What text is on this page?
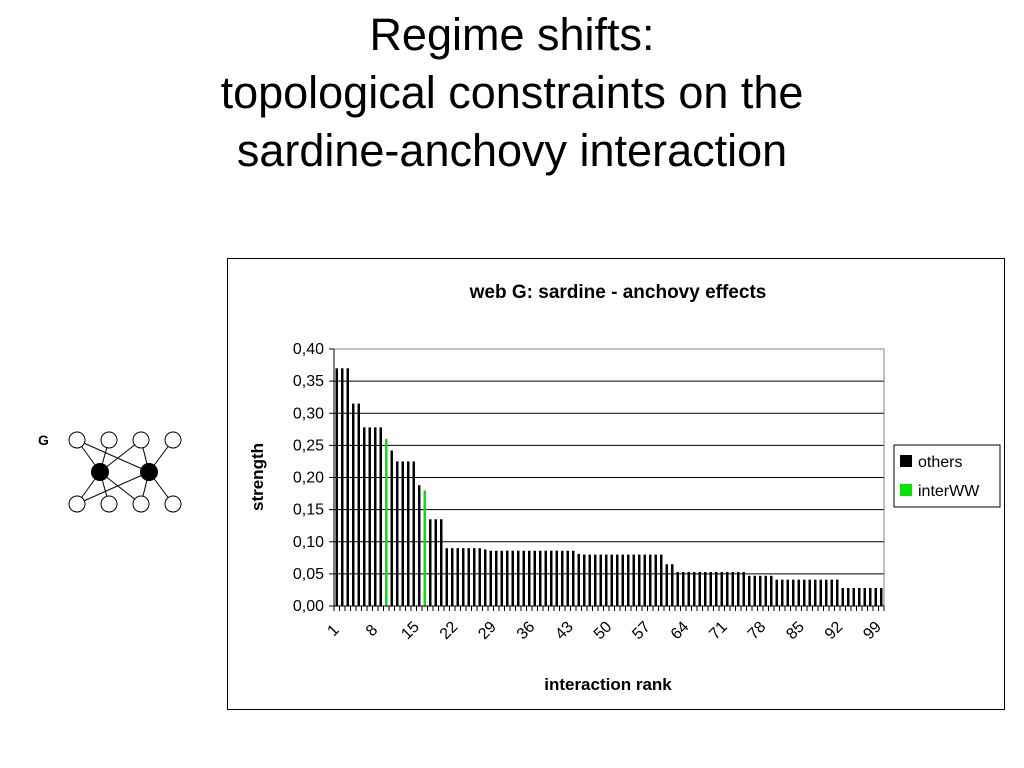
Regime shifts:
topological constraints on the
sardine-anchovy interaction
G
web G: sardine - anchovy effects
0,00
0,05
0,10
0,15
0,20
0,25
0,30
0,35
0,40
1 8 15 22 29 36 43 50 57 64 71 78 85 92 99
interaction rank
strength	others
interWW
